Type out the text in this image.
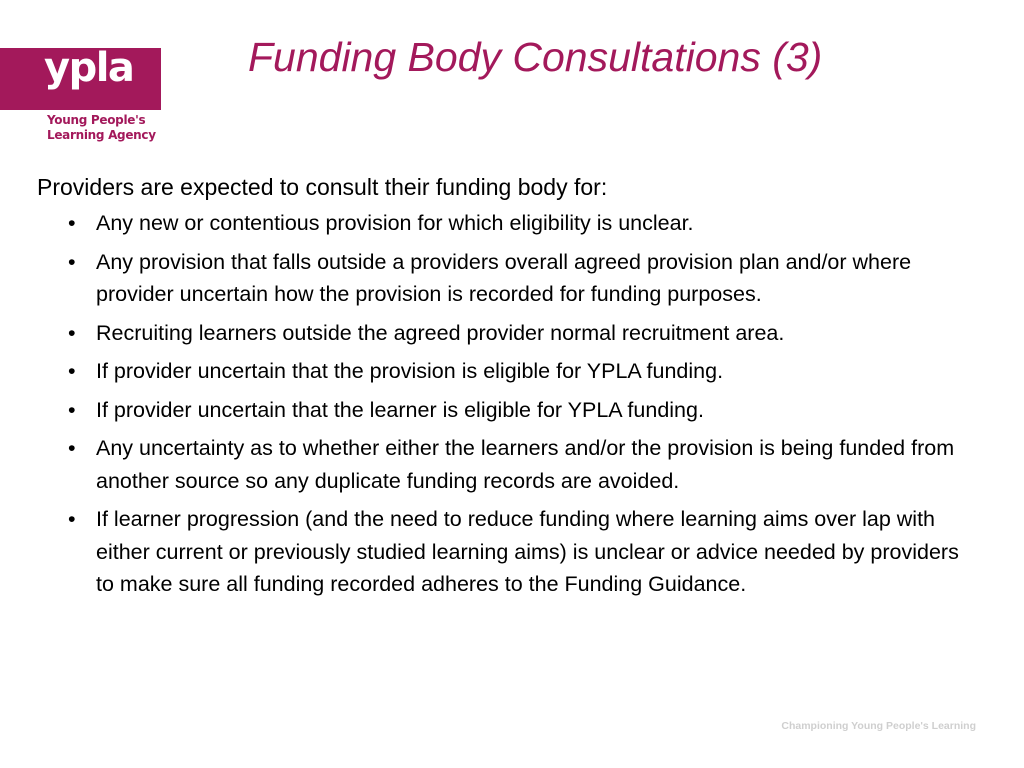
ypla
Young People's
Learning Agency
Funding Body Consultations (3)
Providers are expected to consult their funding body for:
• Any new or contentious provision for which eligibility is unclear.
• Any provision that falls outside a providers overall agreed provision plan and/or where provider uncertain how the provision is recorded for funding purposes.
• Recruiting learners outside the agreed provider normal recruitment area.
• If provider uncertain that the provision is eligible for YPLA funding.
• If provider uncertain that the learner is eligible for YPLA funding.
• Any uncertainty as to whether either the learners and/or the provision is being funded from another source so any duplicate funding records are avoided.
• If learner progression (and the need to reduce funding where learning aims over lap with either current or previously studied learning aims) is unclear or advice needed by providers to make sure all funding recorded adheres to the Funding Guidance.
Championing Young People's Learning
